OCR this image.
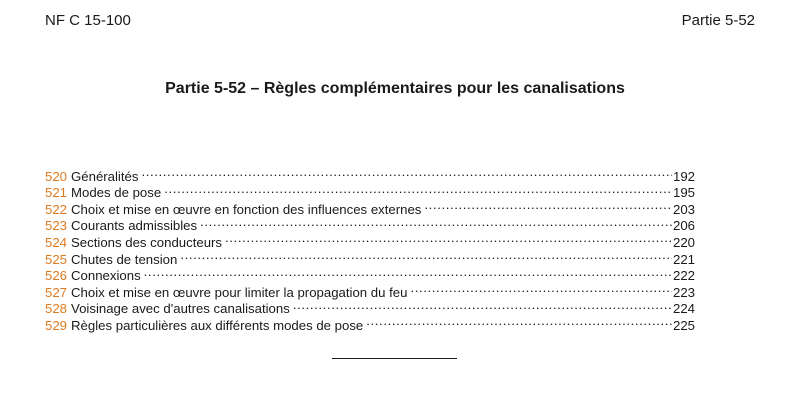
NF C 15-100	Partie 5-52
Partie 5-52 – Règles complémentaires pour les canalisations
520 Généralités .....	192
521 Modes de pose .....	195
522 Choix et mise en œuvre en fonction des influences externes .....	203
523 Courants admissibles .....	206
524 Sections des conducteurs .....	220
525 Chutes de tension .....	221
526 Connexions .....	222
527 Choix et mise en œuvre pour limiter la propagation du feu .....	223
528 Voisinage avec d'autres canalisations .....	224
529 Règles particulières aux différents modes de pose .....	225
